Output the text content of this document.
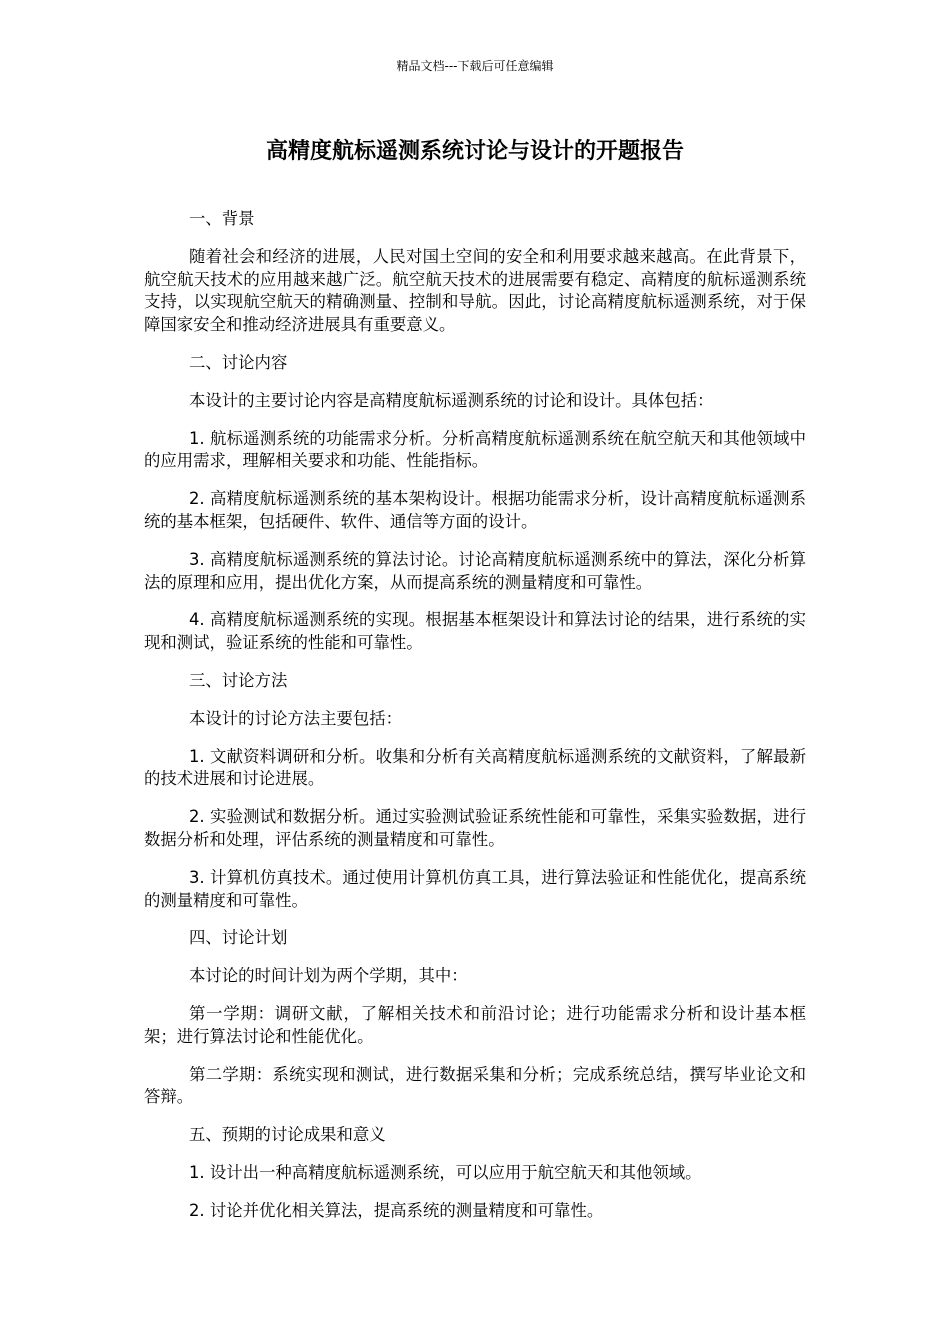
精品文档---下载后可任意编辑
高精度航标遥测系统讨论与设计的开题报告

一、背景

随着社会和经济的进展，人民对国土空间的安全和利用要求越来越高。在此背景下，航空航天技术的应用越来越广泛。航空航天技术的进展需要有稳定、高精度的航标遥测系统支持，以实现航空航天的精确测量、控制和导航。因此，讨论高精度航标遥测系统，对于保障国家安全和推动经济进展具有重要意义。

二、讨论内容

本设计的主要讨论内容是高精度航标遥测系统的讨论和设计。具体包括：

1. 航标遥测系统的功能需求分析。分析高精度航标遥测系统在航空航天和其他领域中的应用需求，理解相关要求和功能、性能指标。

2. 高精度航标遥测系统的基本架构设计。根据功能需求分析，设计高精度航标遥测系统的基本框架，包括硬件、软件、通信等方面的设计。

3. 高精度航标遥测系统的算法讨论。讨论高精度航标遥测系统中的算法，深化分析算法的原理和应用，提出优化方案，从而提高系统的测量精度和可靠性。

4. 高精度航标遥测系统的实现。根据基本框架设计和算法讨论的结果，进行系统的实现和测试，验证系统的性能和可靠性。

三、讨论方法

本设计的讨论方法主要包括：

1. 文献资料调研和分析。收集和分析有关高精度航标遥测系统的文献资料，了解最新的技术进展和讨论进展。

2. 实验测试和数据分析。通过实验测试验证系统性能和可靠性，采集实验数据，进行数据分析和处理，评估系统的测量精度和可靠性。

3. 计算机仿真技术。通过使用计算机仿真工具，进行算法验证和性能优化，提高系统的测量精度和可靠性。

四、讨论计划

本讨论的时间计划为两个学期，其中：

第一学期：调研文献，了解相关技术和前沿讨论；进行功能需求分析和设计基本框架；进行算法讨论和性能优化。

第二学期：系统实现和测试，进行数据采集和分析；完成系统总结，撰写毕业论文和答辩。

五、预期的讨论成果和意义

1. 设计出一种高精度航标遥测系统，可以应用于航空航天和其他领域。

2. 讨论并优化相关算法，提高系统的测量精度和可靠性。
